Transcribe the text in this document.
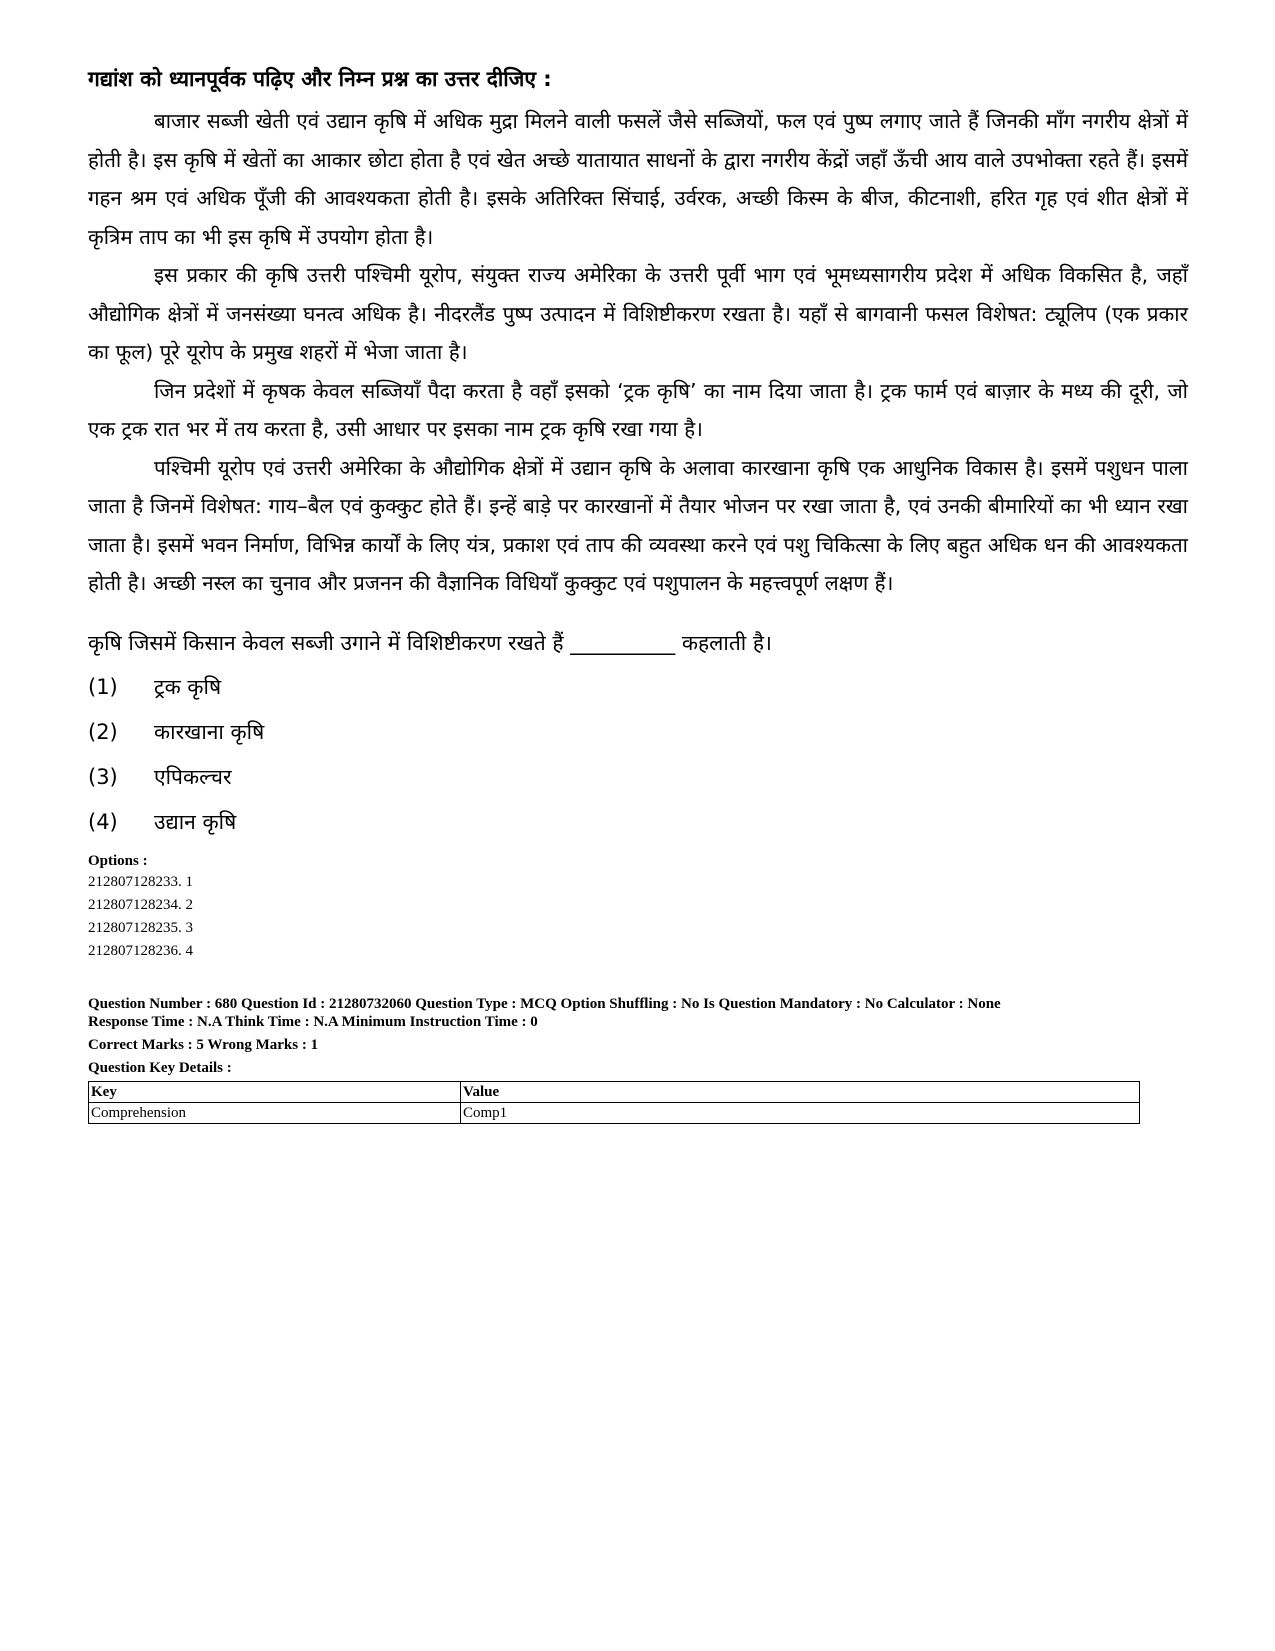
गद्यांश को ध्यानपूर्वक पढ़िए और निम्न प्रश्न का उत्तर दीजिए :

बाजार सब्जी खेती एवं उद्यान कृषि में अधिक मुद्रा मिलने वाली फसलें जैसे सब्जियों, फल एवं पुष्प लगाए जाते हैं जिनकी माँग नगरीय क्षेत्रों में होती है। इस कृषि में खेतों का आकार छोटा होता है एवं खेत अच्छे यातायात साधनों के द्वारा नगरीय केंद्रों जहाँ ऊँची आय वाले उपभोक्ता रहते हैं। इसमें गहन श्रम एवं अधिक पूँजी की आवश्यकता होती है। इसके अतिरिक्त सिंचाई, उर्वरक, अच्छी किस्म के बीज, कीटनाशी, हरित गृह एवं शीत क्षेत्रों में कृत्रिम ताप का भी इस कृषि में उपयोग होता है।

इस प्रकार की कृषि उत्तरी पश्चिमी यूरोप, संयुक्त राज्य अमेरिका के उत्तरी पूर्वी भाग एवं भूमध्यसागरीय प्रदेश में अधिक विकसित है, जहाँ औद्योगिक क्षेत्रों में जनसंख्या घनत्व अधिक है। नीदरलैंड पुष्प उत्पादन में विशिष्टीकरण रखता है। यहाँ से बागवानी फसल विशेषत: ट्यूलिप (एक प्रकार का फूल) पूरे यूरोप के प्रमुख शहरों में भेजा जाता है।

जिन प्रदेशों में कृषक केवल सब्जियाँ पैदा करता है वहाँ इसको ‘ट्रक कृषि’ का नाम दिया जाता है। ट्रक फार्म एवं बाज़ार के मध्य की दूरी, जो एक ट्रक रात भर में तय करता है, उसी आधार पर इसका नाम ट्रक कृषि रखा गया है।

पश्चिमी यूरोप एवं उत्तरी अमेरिका के औद्योगिक क्षेत्रों में उद्यान कृषि के अलावा कारखाना कृषि एक आधुनिक विकास है। इसमें पशुधन पाला जाता है जिनमें विशेषत: गाय–बैल एवं कुक्कुट होते हैं। इन्हें बाड़े पर कारखानों में तैयार भोजन पर रखा जाता है, एवं उनकी बीमारियों का भी ध्यान रखा जाता है। इसमें भवन निर्माण, विभिन्न कार्यों के लिए यंत्र, प्रकाश एवं ताप की व्यवस्था करने एवं पशु चिकित्सा के लिए बहुत अधिक धन की आवश्यकता होती है। अच्छी नस्ल का चुनाव और प्रजनन की वैज्ञानिक विधियाँ कुक्कुट एवं पशुपालन के महत्त्वपूर्ण लक्षण हैं।

कृषि जिसमें किसान केवल सब्जी उगाने में विशिष्टीकरण रखते हैं __________ कहलाती है।
(1) ट्रक कृषि
(2) कारखाना कृषि
(3) एपिकल्चर
(4) उद्यान कृषि
Options :
212807128233. 1
212807128234. 2
212807128235. 3
212807128236. 4
Question Number : 680 Question Id : 21280732060 Question Type : MCQ Option Shuffling : No Is Question Mandatory : No Calculator : None
Response Time : N.A Think Time : N.A Minimum Instruction Time : 0
Correct Marks : 5 Wrong Marks : 1
Question Key Details :
Key	Value
Comprehension	Comp1
